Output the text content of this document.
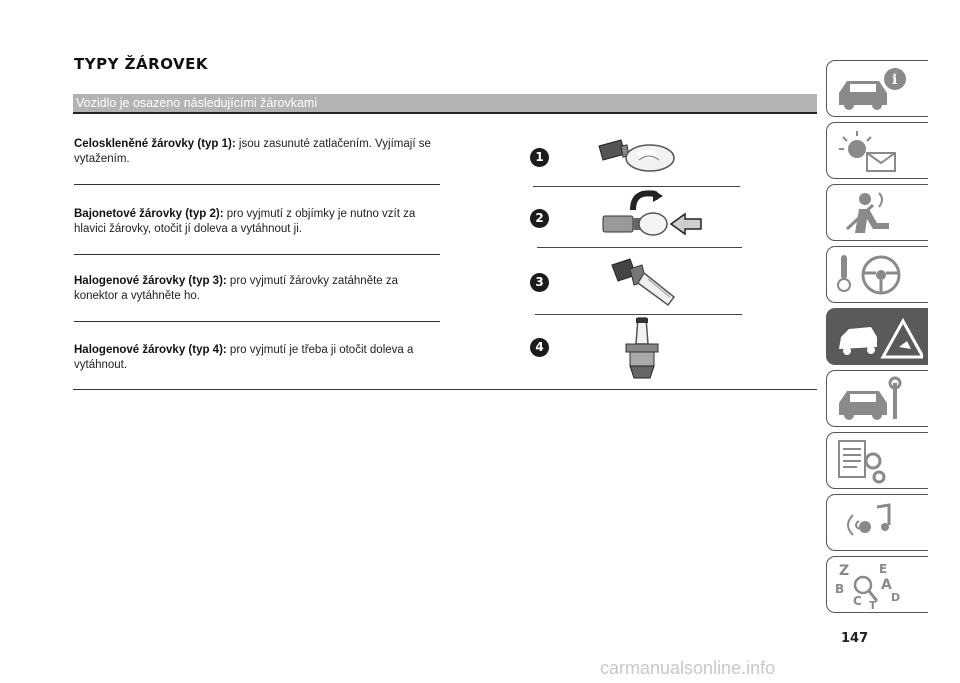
TYPY ŽÁROVEK
Vozidlo je osazeno následujícími žárovkami
Celoskleněné žárovky (typ 1): jsou zasunuté zatlačením. Vyjímají se vytažením.
Bajonetové žárovky (typ 2): pro vyjmutí z objímky je nutno vzít za hlavici žárovky, otočit jí doleva a vytáhnout ji.
Halogenové žárovky (typ 3): pro vyjmutí žárovky zatáhněte za konektor a vytáhněte ho.
Halogenové žárovky (typ 4): pro vyjmutí je třeba ji otočit doleva a vytáhnout.
1
2
3
4
i
Z E
B	A
C	D
T
147
carmanualsonline.info
